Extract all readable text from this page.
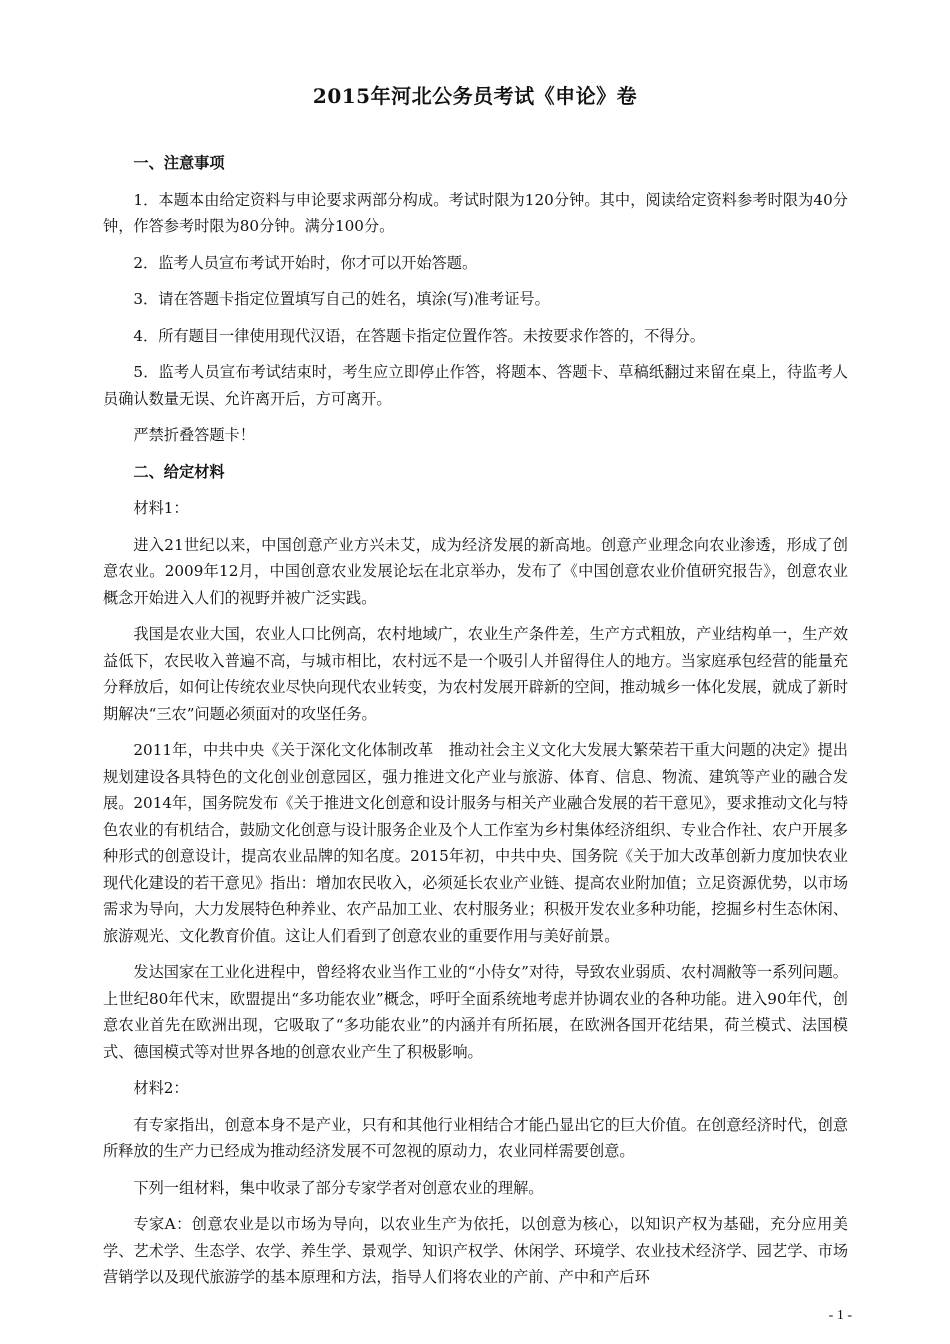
2015年河北公务员考试《申论》卷

一、注意事项

1．本题本由给定资料与申论要求两部分构成。考试时限为120分钟。其中，阅读给定资料参考时限为40分钟，作答参考时限为80分钟。满分100分。

2．监考人员宣布考试开始时，你才可以开始答题。

3．请在答题卡指定位置填写自己的姓名，填涂(写)准考证号。

4．所有题目一律使用现代汉语，在答题卡指定位置作答。未按要求作答的，不得分。

5．监考人员宣布考试结束时，考生应立即停止作答，将题本、答题卡、草稿纸翻过来留在桌上，待监考人员确认数量无误、允许离开后，方可离开。

严禁折叠答题卡！

二、给定材料

材料1：

进入21世纪以来，中国创意产业方兴未艾，成为经济发展的新高地。创意产业理念向农业渗透，形成了创意农业。2009年12月，中国创意农业发展论坛在北京举办，发布了《中国创意农业价值研究报告》，创意农业概念开始进入人们的视野并被广泛实践。

我国是农业大国，农业人口比例高，农村地域广，农业生产条件差，生产方式粗放，产业结构单一，生产效益低下，农民收入普遍不高，与城市相比，农村远不是一个吸引人并留得住人的地方。当家庭承包经营的能量充分释放后，如何让传统农业尽快向现代农业转变，为农村发展开辟新的空间，推动城乡一体化发展，就成了新时期解决“三农”问题必须面对的攻坚任务。

2011年，中共中央《关于深化文化体制改革　推动社会主义文化大发展大繁荣若干重大问题的决定》提出规划建设各具特色的文化创业创意园区，强力推进文化产业与旅游、体育、信息、物流、建筑等产业的融合发展。2014年，国务院发布《关于推进文化创意和设计服务与相关产业融合发展的若干意见》，要求推动文化与特色农业的有机结合，鼓励文化创意与设计服务企业及个人工作室为乡村集体经济组织、专业合作社、农户开展多种形式的创意设计，提高农业品牌的知名度。2015年初，中共中央、国务院《关于加大改革创新力度加快农业现代化建设的若干意见》指出：增加农民收入，必须延长农业产业链、提高农业附加值；立足资源优势，以市场需求为导向，大力发展特色种养业、农产品加工业、农村服务业；积极开发农业多种功能，挖掘乡村生态休闲、旅游观光、文化教育价值。这让人们看到了创意农业的重要作用与美好前景。

发达国家在工业化进程中，曾经将农业当作工业的“小侍女”对待，导致农业弱质、农村凋敝等一系列问题。上世纪80年代末，欧盟提出“多功能农业”概念，呼吁全面系统地考虑并协调农业的各种功能。进入90年代，创意农业首先在欧洲出现，它吸取了“多功能农业”的内涵并有所拓展，在欧洲各国开花结果，荷兰模式、法国模式、德国模式等对世界各地的创意农业产生了积极影响。

材料2：

有专家指出，创意本身不是产业，只有和其他行业相结合才能凸显出它的巨大价值。在创意经济时代，创意所释放的生产力已经成为推动经济发展不可忽视的原动力，农业同样需要创意。

下列一组材料，集中收录了部分专家学者对创意农业的理解。

专家A：创意农业是以市场为导向，以农业生产为依托，以创意为核心，以知识产权为基础，充分应用美学、艺术学、生态学、农学、养生学、景观学、知识产权学、休闲学、环境学、农业技术经济学、园艺学、市场营销学以及现代旅游学的基本原理和方法，指导人们将农业的产前、产中和产后环

- 1 -
